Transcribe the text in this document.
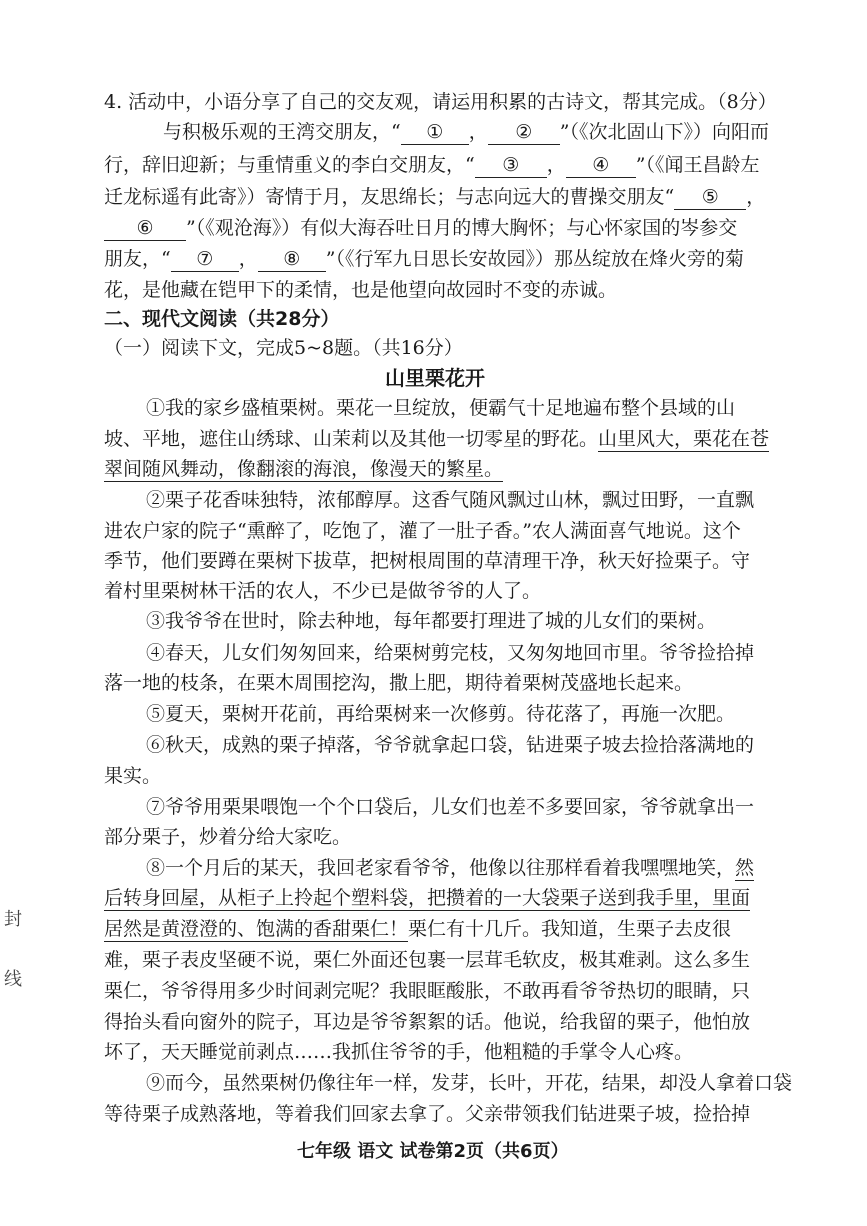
4. 活动中，小语分享了自己的交友观，请运用积累的古诗文，帮其完成。（8分）
与积极乐观的王湾交朋友，“ ① ， ② ”（《次北固山下》）向阳而
行，辞旧迎新；与重情重义的李白交朋友，“ ③ ， ④ ”（《闻王昌龄左
迁龙标遥有此寄》）寄情于月，友思绵长；与志向远大的曹操交朋友“ ⑤ ，
⑥ ”（《观沧海》）有似大海吞吐日月的博大胸怀；与心怀家国的岑参交
朋友，“ ⑦ ， ⑧ ”（《行军九日思长安故园》）那丛绽放在烽火旁的菊
花，是他藏在铠甲下的柔情，也是他望向故园时不变的赤诚。
二、现代文阅读（共28分）
（一）阅读下文，完成5~8题。（共16分）
山里栗花开
①我的家乡盛植栗树。栗花一旦绽放，便霸气十足地遍布整个县域的山
坡、平地，遮住山绣球、山茉莉以及其他一切零星的野花。山里风大，栗花在苍
翠间随风舞动，像翻滚的海浪，像漫天的繁星。
②栗子花香味独特，浓郁醇厚。这香气随风飘过山林，飘过田野，一直飘
进农户家的院子“熏醉了，吃饱了，灌了一肚子香。”农人满面喜气地说。这个
季节，他们要蹲在栗树下拔草，把树根周围的草清理干净，秋天好捡栗子。守
着村里栗树林干活的农人，不少已是做爷爷的人了。
③我爷爷在世时，除去种地，每年都要打理进了城的儿女们的栗树。
④春天，儿女们匆匆回来，给栗树剪完枝，又匆匆地回市里。爷爷捡拾掉
落一地的枝条，在栗木周围挖沟，撒上肥，期待着栗树茂盛地长起来。
⑤夏天，栗树开花前，再给栗树来一次修剪。待花落了，再施一次肥。
⑥秋天，成熟的栗子掉落，爷爷就拿起口袋，钻进栗子坡去捡拾落满地的
果实。
⑦爷爷用栗果喂饱一个个口袋后，儿女们也差不多要回家，爷爷就拿出一
部分栗子，炒着分给大家吃。
⑧一个月后的某天，我回老家看爷爷，他像以往那样看着我嘿嘿地笑，然
后转身回屋，从柜子上拎起个塑料袋，把攒着的一大袋栗子送到我手里，里面
居然是黄澄澄的、饱满的香甜栗仁！栗仁有十几斤。我知道，生栗子去皮很
难，栗子表皮坚硬不说，栗仁外面还包裹一层茸毛软皮，极其难剥。这么多生
栗仁，爷爷得用多少时间剥完呢？我眼眶酸胀，不敢再看爷爷热切的眼睛，只
得抬头看向窗外的院子，耳边是爷爷絮絮的话。他说，给我留的栗子，他怕放
坏了，天天睡觉前剥点……我抓住爷爷的手，他粗糙的手掌令人心疼。
⑨而今，虽然栗树仍像往年一样，发芽，长叶，开花，结果，却没人拿着口袋
等待栗子成熟落地，等着我们回家去拿了。父亲带领我们钻进栗子坡，捡拾掉
七年级 语文 试卷第2页（共6页）
封
线
